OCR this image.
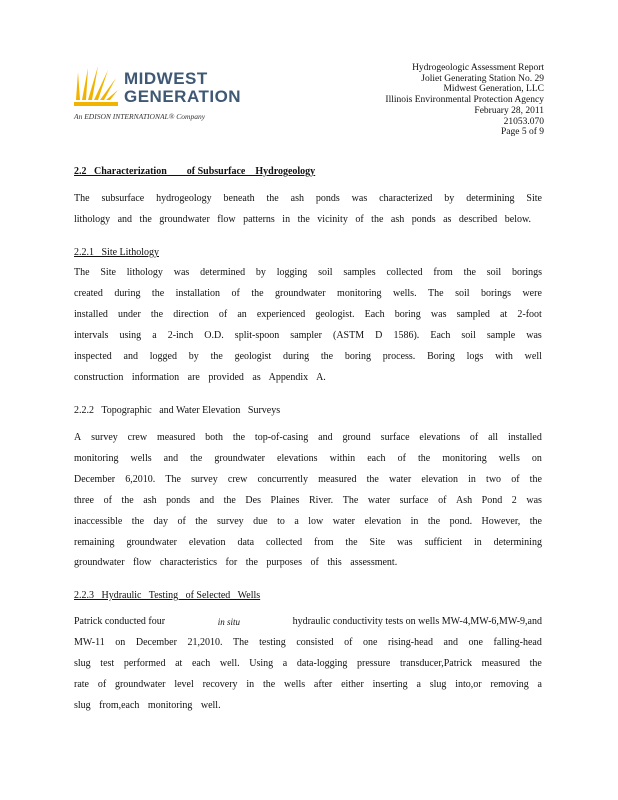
MIDWEST
GENERATION
An EDISON INTERNATIONAL® Company
Hydrogeologic Assessment Report
Joliet Generating Station No. 29
Midwest Generation, LLC
Illinois Environmental Protection Agency
February 28, 2011
21053.070
Page 5 of 9
2.2   Characterization        of Subsurface    Hydrogeology
The subsurface hydrogeology beneath the ash ponds was characterized by determining Site
lithology and the groundwater flow patterns in the vicinity of the ash ponds as described below.
2.2.1   Site Lithology
The Site lithology was determined by logging soil samples collected from the soil borings
created during the installation of the groundwater monitoring wells. The soil borings were
installed under the direction of an experienced geologist. Each boring was sampled at 2-foot
intervals using a 2-inch O.D. split-spoon sampler (ASTM D 1586). Each soil sample was
inspected and logged by the geologist during the boring process. Boring logs with well
construction information are provided as Appendix A.
2.2.2   Topographic   and Water Elevation   Surveys
A survey crew measured both the top-of-casing and ground surface elevations of all installed
monitoring wells and the groundwater elevations within each of the monitoring wells on
December 6,2010. The survey crew concurrently measured the water elevation in two of the
three of the ash ponds and the Des Plaines River. The water surface of Ash Pond 2 was
inaccessible the day of the survey due to a low water elevation in the pond. However, the
remaining groundwater elevation data collected from the Site was sufficient in determining
groundwater flow characteristics for the purposes of this assessment.
2.2.3   Hydraulic   Testing   of Selected   Wells
Patrick conducted four	in situ	hydraulic conductivity tests on wells MW-4,MW-6,MW-9,and
MW-11 on December 21,2010. The testing consisted of one rising-head and one falling-head
slug test performed at each well. Using a data-logging pressure transducer,Patrick measured the
rate of groundwater level recovery in the wells after either inserting a slug into,or removing a
slug from,each monitoring well.
